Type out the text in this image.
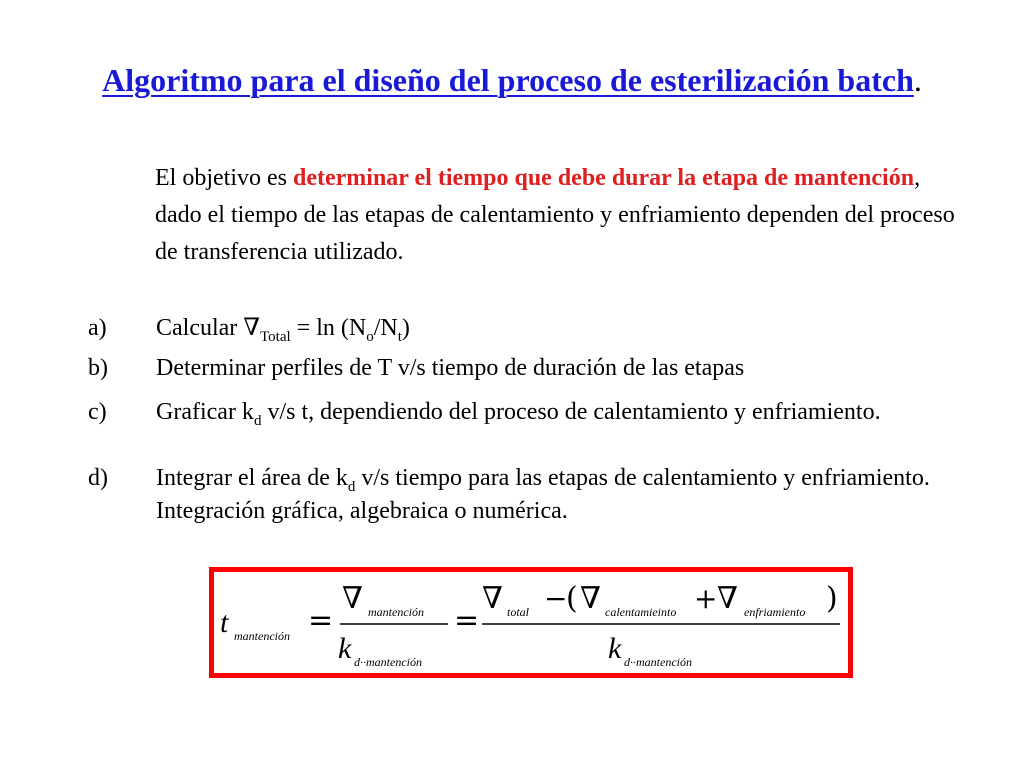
Algoritmo para el diseño del proceso de esterilización batch.
El objetivo es determinar el tiempo que debe durar la etapa de mantención, dado el tiempo de las etapas de calentamiento y enfriamiento dependen del proceso de transferencia utilizado.
a) Calcular $\nabla_{Total} = \ln (N_o/N_t)$
b) Determinar perfiles de T v/s tiempo de duración de las etapas
c) Graficar $k_d$ v/s t, dependiendo del proceso de calentamiento y enfriamiento.
d) Integrar el área de $k_d$ v/s tiempo para las etapas de calentamiento y enfriamiento. Integración gráfica, algebraica o numérica.
t mantención =
∇ mantención
k d··mantención
=
∇ total −
( ∇ calentamieinto + ∇ enfriamiento )
k d··mantención
